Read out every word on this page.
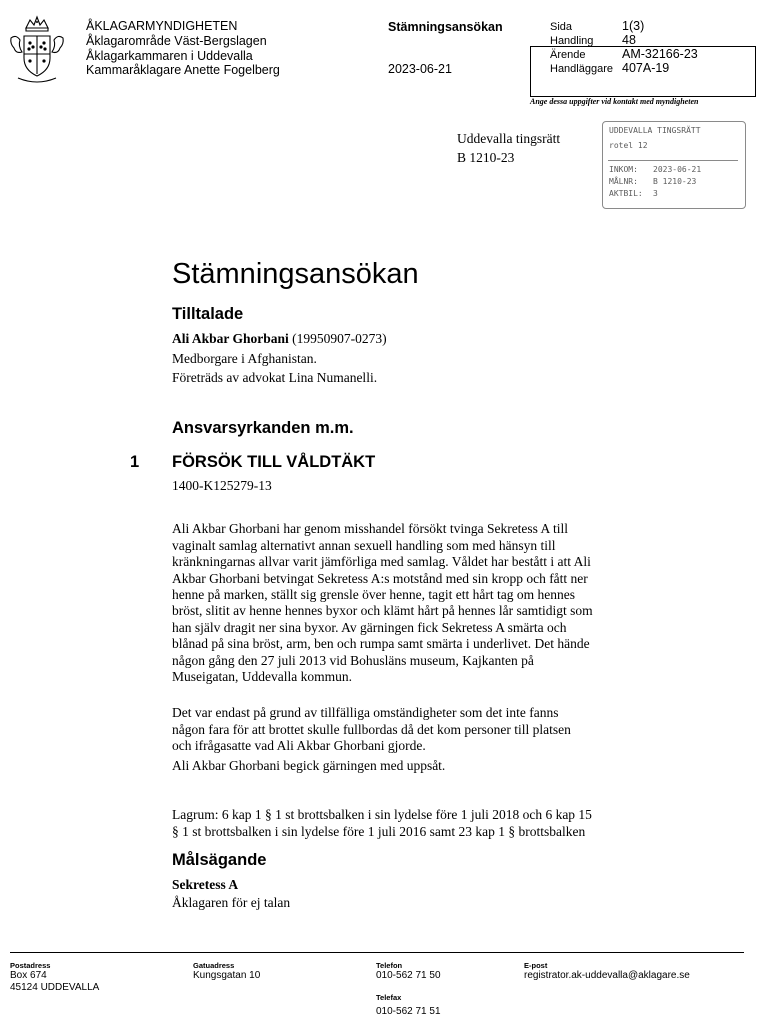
ÅKLAGARMYNDIGHETEN
Åklagarområde Väst-Bergslagen
Åklagarkammaren i Uddevalla
Kammaråklagare Anette Fogelberg
Stämningsansökan
2023-06-21
Sida	1(3)
Handling 48
Ärende	AM-32166-23
Handläggare 407A-19
Ange dessa uppgifter vid kontakt med myndigheten
Uddevalla tingsrätt
B 1210-23
UDDEVALLA TINGSRÄTT
rotel 12
INKOM: 2023-06-21
MÅLNR: B 1210-23
AKTBIL: 3
Stämningsansökan
Tilltalade
Ali Akbar Ghorbani (19950907-0273)
Medborgare i Afghanistan.
Företräds av advokat Lina Numanelli.
Ansvarsyrkanden m.m.
1 FÖRSÖK TILL VÅLDTÄKT
1400-K125279-13

Ali Akbar Ghorbani har genom misshandel försökt tvinga Sekretess A till
vaginalt samlag alternativt annan sexuell handling som med hänsyn till
kränkningarnas allvar varit jämförliga med samlag. Våldet har bestått i att Ali
Akbar Ghorbani betvingat Sekretess A:s motstånd med sin kropp och fått ner
henne på marken, ställt sig grensle över henne, tagit ett hårt tag om hennes
bröst, slitit av henne hennes byxor och klämt hårt på hennes lår samtidigt som
han själv dragit ner sina byxor. Av gärningen fick Sekretess A smärta och
blånad på sina bröst, arm, ben och rumpa samt smärta i underlivet. Det hände
någon gång den 27 juli 2013 vid Bohusläns museum, Kajkanten på
Museigatan, Uddevalla kommun.

Det var endast på grund av tillfälliga omständigheter som det inte fanns
någon fara för att brottet skulle fullbordas då det kom personer till platsen
och ifrågasatte vad Ali Akbar Ghorbani gjorde.

Ali Akbar Ghorbani begick gärningen med uppsåt.

Lagrum: 6 kap 1 § 1 st brottsbalken i sin lydelse före 1 juli 2018 och 6 kap 15
§ 1 st brottsbalken i sin lydelse före 1 juli 2016 samt 23 kap 1 § brottsbalken

Målsägande
Sekretess A
Åklagaren för ej talan
Postadress
Box 674
45124 UDDEVALLA
Gatuadress
Kungsgatan 10
Telefon
010-562 71 50
Telefax
010-562 71 51
E-post
registrator.ak-uddevalla@aklagare.se
